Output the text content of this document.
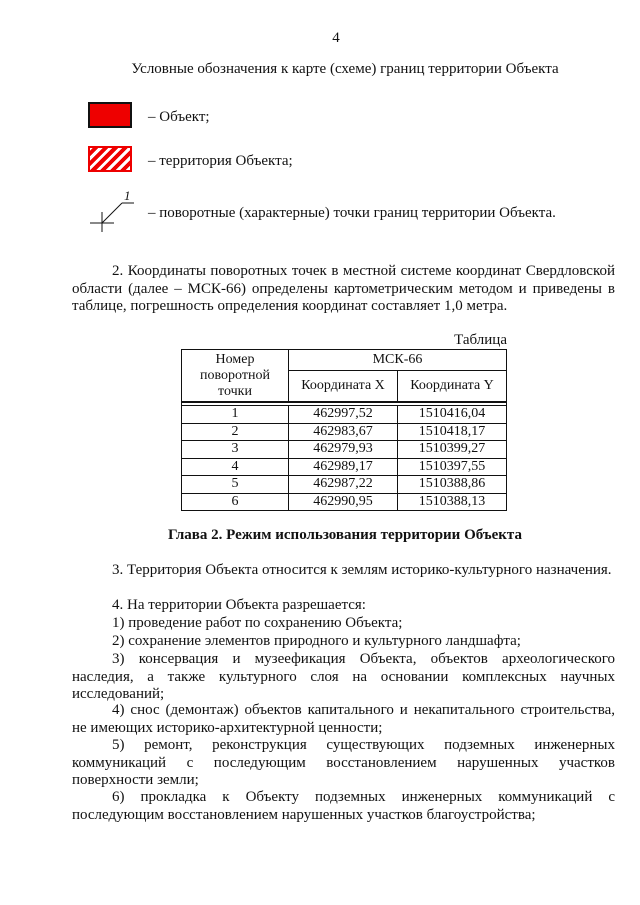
4
Условные обозначения к карте (схеме) границ территории Объекта
– Объект;
– территория Объекта;
1
– поворотные (характерные) точки границ территории Объекта.
2. Координаты поворотных точек в местной системе координат Свердловской области (далее – МСК-66) определены картометрическим методом и приведены в таблице, погрешность определения координат составляет 1,0 метра.
Таблица
Номер поворотной точки	МСК-66	
	Координата X	Координата Y

1	462997,52	1510416,04
2	462983,67	1510418,17
3	462979,93	1510399,27
4	462989,17	1510397,55
5	462987,22	1510388,86
6	462990,95	1510388,13
Глава 2. Режим использования территории Объекта
3. Территория Объекта относится к землям историко-культурного назначения.
4. На территории Объекта разрешается:
1) проведение работ по сохранению Объекта;
2) сохранение элементов природного и культурного ландшафта;
3) консервация и музеефикация Объекта, объектов археологического наследия, а также культурного слоя на основании комплексных научных исследований;
4) снос (демонтаж) объектов капитального и некапитального строительства, не имеющих историко-архитектурной ценности;
5) ремонт, реконструкция существующих подземных инженерных коммуникаций с последующим восстановлением нарушенных участков поверхности земли;
6) прокладка к Объекту подземных инженерных коммуникаций с последующим восстановлением нарушенных участков благоустройства;
